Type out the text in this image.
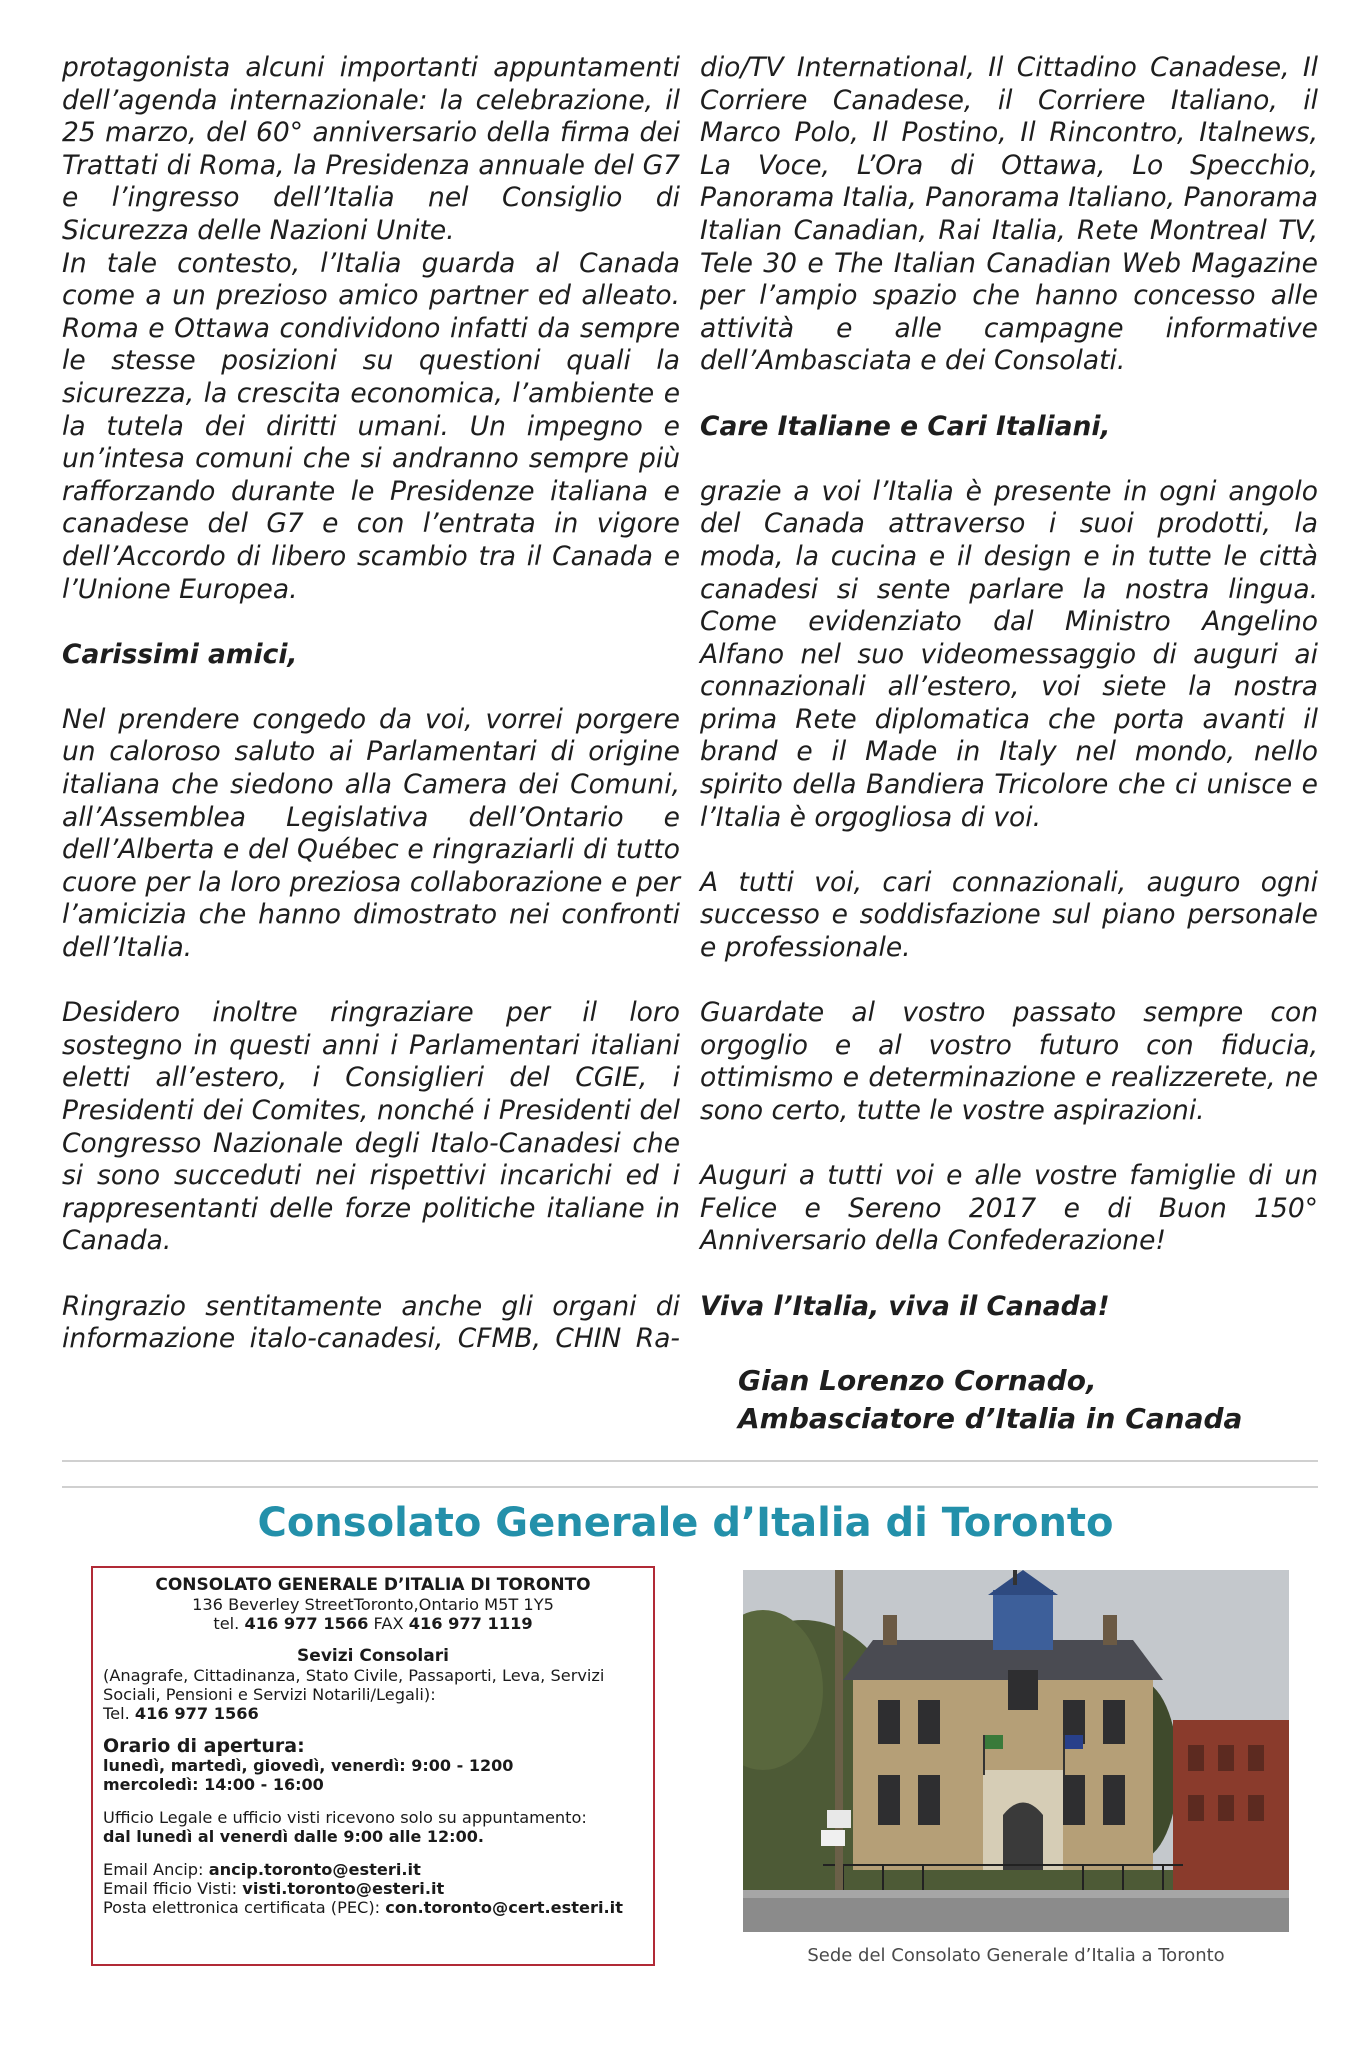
protagonista alcuni importanti appuntamenti dell’agenda internazionale: la celebrazione, il 25 marzo, del 60° anniversario della firma dei Trattati di Roma, la Presidenza annuale del G7 e l’ingresso dell’Italia nel Consiglio di Sicurezza delle Nazioni Unite.

In tale contesto, l’Italia guarda al Canada come a un prezioso amico partner ed alleato. Roma e Ottawa condividono infatti da sempre le stesse posizioni su questioni quali la sicurezza, la crescita economica, l’ambiente e la tutela dei diritti umani. Un impegno e un’intesa comuni che si andranno sempre più rafforzando durante le Presidenze italiana e canadese del G7 e con l’entrata in vigore dell’Accordo di libero scambio tra il Canada e l’Unione Europea.

Carissimi amici,

Nel prendere congedo da voi, vorrei porgere un caloroso saluto ai Parlamentari di origine italiana che siedono alla Camera dei Comuni, all’Assemblea Legislativa dell’Ontario e dell’Alberta e del Québec e ringraziarli di tutto cuore per la loro preziosa collaborazione e per l’amicizia che hanno dimostrato nei confronti dell’Italia.

Desidero inoltre ringraziare per il loro sostegno in questi anni i Parlamentari italiani eletti all’estero, i Consiglieri del CGIE, i Presidenti dei Comites, nonché i Presidenti del Congresso Nazionale degli Italo-Canadesi che si sono succeduti nei rispettivi incarichi ed i rappresentanti delle forze politiche italiane in Canada.

Ringrazio sentitamente anche gli organi di informazione italo-canadesi, CFMB, CHIN Ra-

dio/TV International, Il Cittadino Canadese, Il Corriere Canadese, il Corriere Italiano, il Marco Polo, Il Postino, Il Rincontro, Italnews, La Voce, L’Ora di Ottawa, Lo Specchio, Panorama Italia, Panorama Italiano, Panorama Italian Canadian, Rai Italia, Rete Montreal TV, Tele 30 e The Italian Canadian Web Magazine per l’ampio spazio che hanno concesso alle attività e alle campagne informative dell’Ambasciata e dei Consolati.

Care Italiane e Cari Italiani,

grazie a voi l’Italia è presente in ogni angolo del Canada attraverso i suoi prodotti, la moda, la cucina e il design e in tutte le città canadesi si sente parlare la nostra lingua. Come evidenziato dal Ministro Angelino Alfano nel suo videomessaggio di auguri ai connazionali all’estero, voi siete la nostra prima Rete diplomatica che porta avanti il brand e il Made in Italy nel mondo, nello spirito della Bandiera Tricolore che ci unisce e l’Italia è orgogliosa di voi.

A tutti voi, cari connazionali, auguro ogni successo e soddisfazione sul piano personale e professionale.

Guardate al vostro passato sempre con orgoglio e al vostro futuro con fiducia, ottimismo e determinazione e realizzerete, ne sono certo, tutte le vostre aspirazioni.

Auguri a tutti voi e alle vostre famiglie di un Felice e Sereno 2017 e di Buon 150° Anniversario della Confederazione!

Viva l’Italia, viva il Canada!

Gian Lorenzo Cornado,
Ambasciatore d’Italia in Canada
Consolato Generale d’Italia di Toronto
CONSOLATO GENERALE D’ITALIA DI TORONTO
136 Beverley StreetToronto,Ontario M5T 1Y5
tel. 416 977 1566 FAX 416 977 1119
Sevizi Consolari
(Anagrafe, Cittadinanza, Stato Civile, Passaporti, Leva, Servizi Sociali, Pensioni e Servizi Notarili/Legali):
Tel. 416 977 1566
Orario di apertura:
lunedì, martedì, giovedì, venerdì: 9:00 - 1200
mercoledì: 14:00 - 16:00
Ufficio Legale e ufficio visti ricevono solo su appuntamento:
dal lunedì al venerdì dalle 9:00 alle 12:00.
Email Ancip: ancip.toronto@esteri.it
Email fficio Visti: visti.toronto@esteri.it
Posta elettronica certificata (PEC): con.toronto@cert.esteri.it
Sede del Consolato Generale d’Italia a Toronto
